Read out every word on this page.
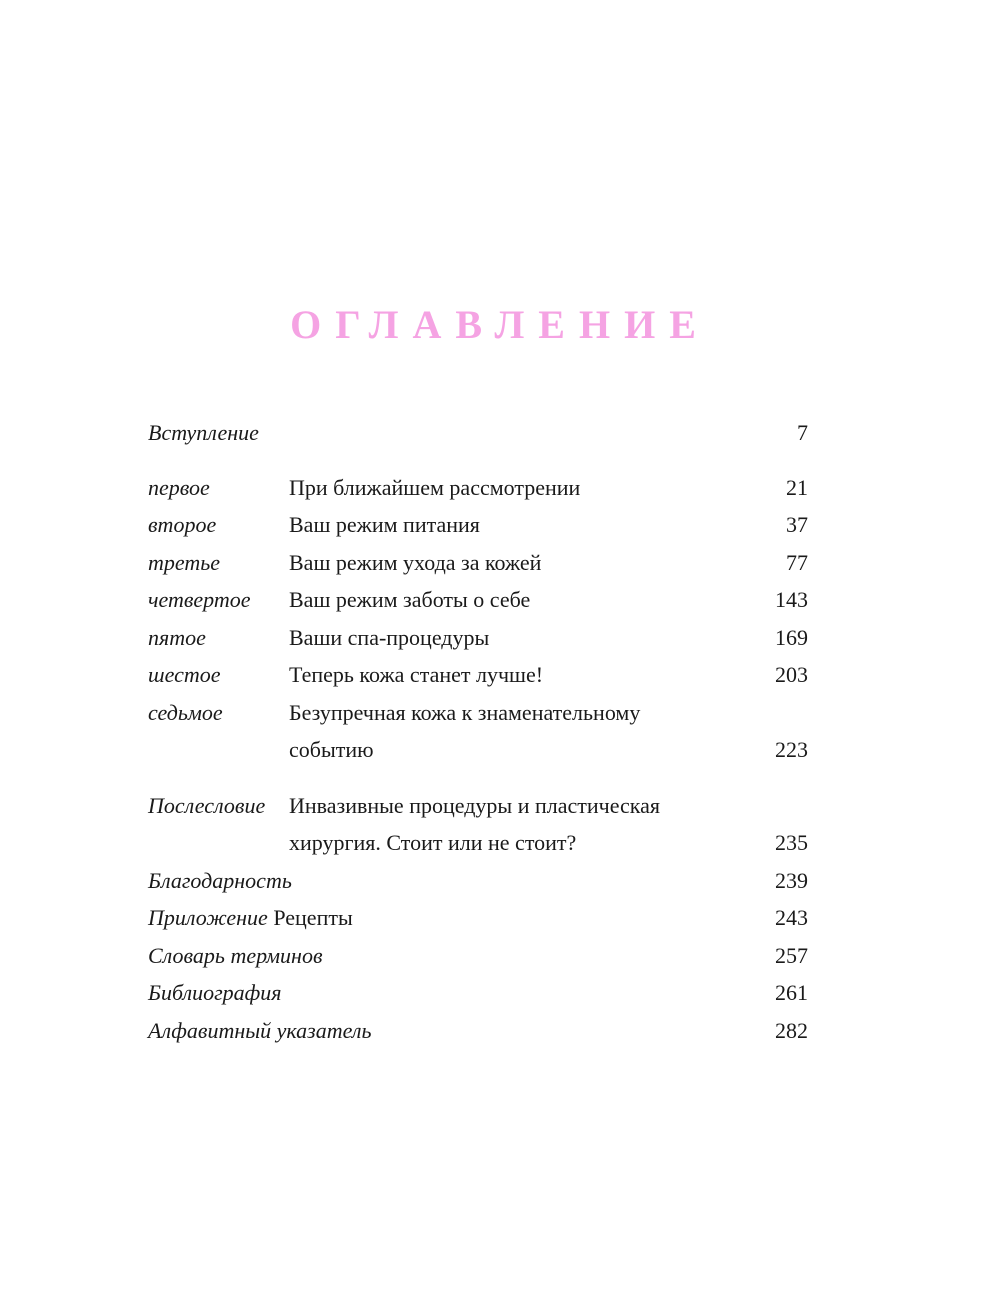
ОГЛАВЛЕНИЕ
Вступление	7
первое	При ближайшем рассмотрении	21
второе	Ваш режим питания	37
третье	Ваш режим ухода за кожей	77
четвертое Ваш режим заботы о себе	143
пятое	Ваши спа-процедуры	169
шестое	Теперь кожа станет лучше!	203
седьмое	Безупречная кожа к знаменательному
событию	223
Послесловие Инвазивные процедуры и пластическая
хирургия. Стоит или не стоит?	235
Благодарность	239
Приложение Рецепты	243
Словарь терминов	257
Библиография	261
Алфавитный указатель	282
